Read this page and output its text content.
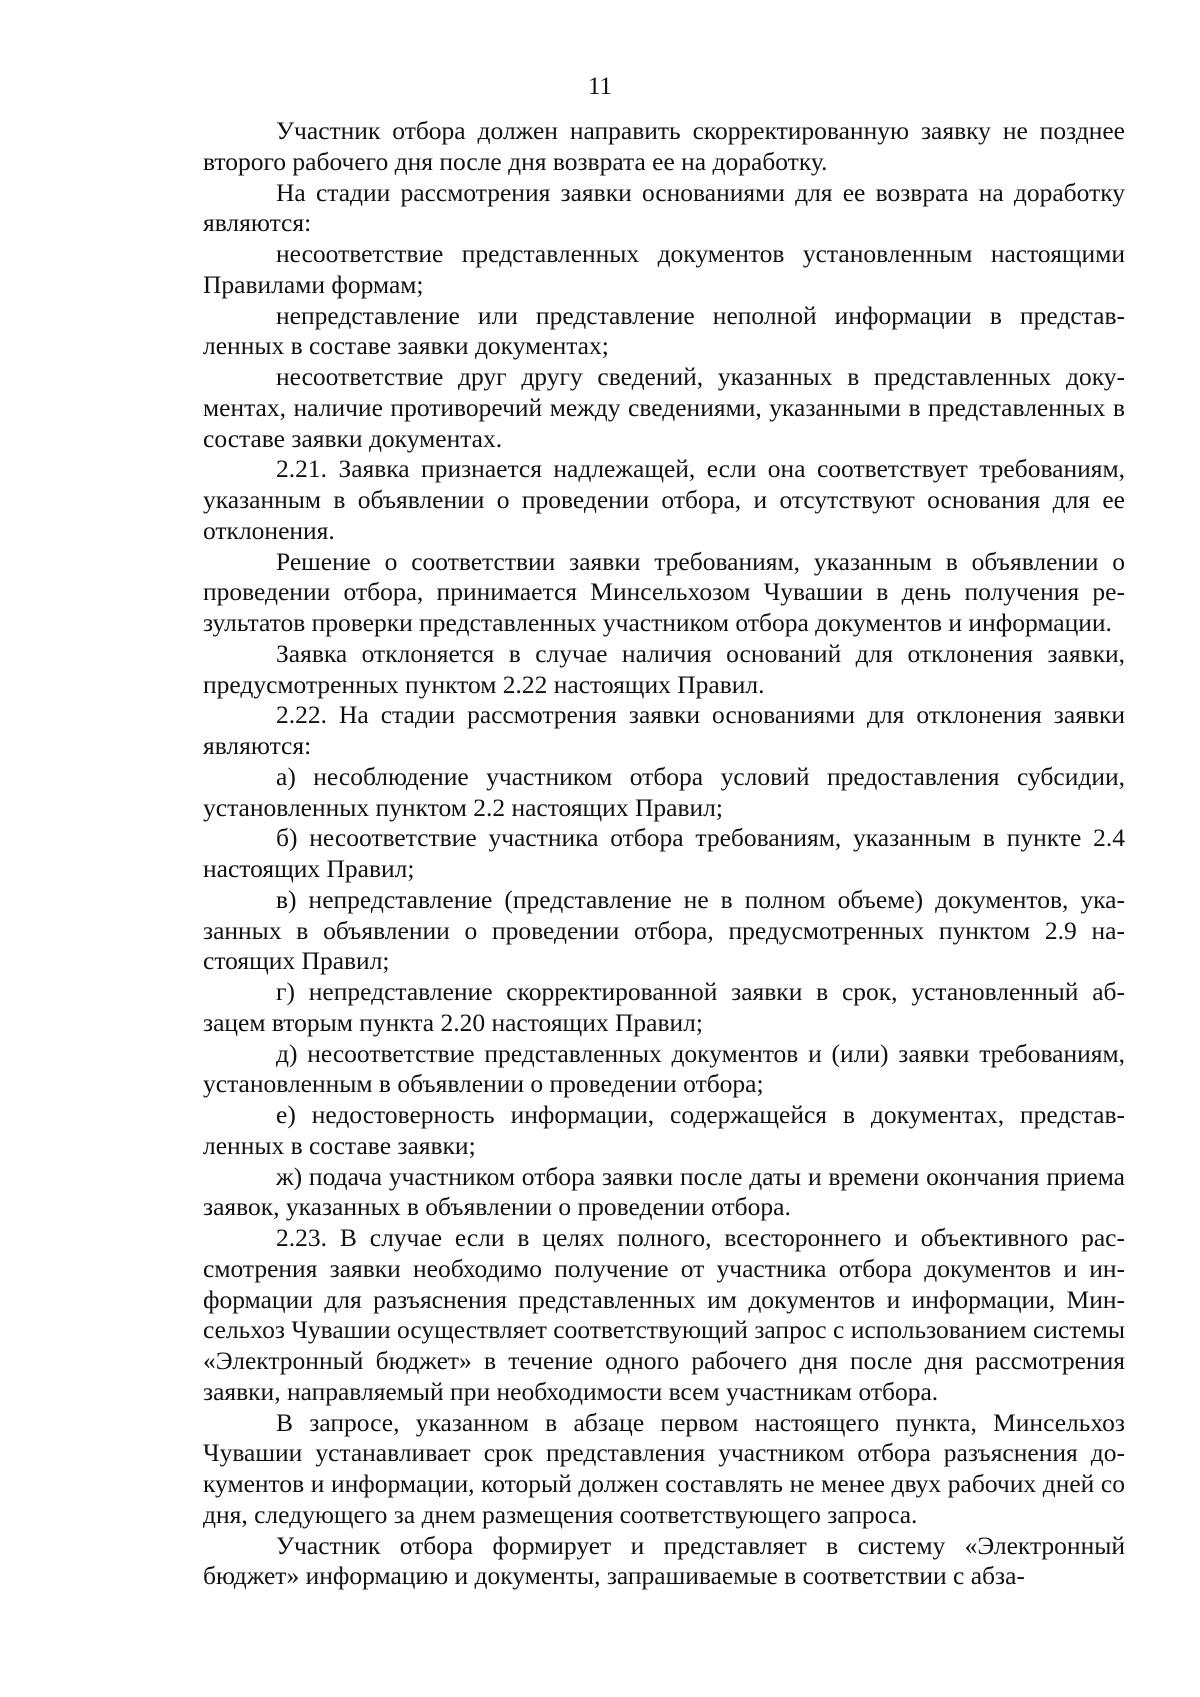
11

Участник отбора должен направить скорректированную заявку не позднее второго рабочего дня после дня возврата ее на доработку.

На стадии рассмотрения заявки основаниями для ее возврата на доработку являются:

несоответствие представленных документов установленным настоящими Правилами формам;

непредставление или представление неполной информации в представленных в составе заявки документах;

несоответствие друг другу сведений, указанных в представленных документах, наличие противоречий между сведениями, указанными в представленных в составе заявки документах.

2.21. Заявка признается надлежащей, если она соответствует требованиям, указанным в объявлении о проведении отбора, и отсутствуют основания для ее отклонения.

Решение о соответствии заявки требованиям, указанным в объявлении о проведении отбора, принимается Минсельхозом Чувашии в день получения результатов проверки представленных участником отбора документов и информации.

Заявка отклоняется в случае наличия оснований для отклонения заявки, предусмотренных пунктом 2.22 настоящих Правил.

2.22. На стадии рассмотрения заявки основаниями для отклонения заявки являются:

а) несоблюдение участником отбора условий предоставления субсидии, установленных пунктом 2.2 настоящих Правил;

б) несоответствие участника отбора требованиям, указанным в пункте 2.4 настоящих Правил;

в) непредставление (представление не в полном объеме) документов, указанных в объявлении о проведении отбора, предусмотренных пунктом 2.9 настоящих Правил;

г) непредставление скорректированной заявки в срок, установленный абзацем вторым пункта 2.20 настоящих Правил;

д) несоответствие представленных документов и (или) заявки требованиям, установленным в объявлении о проведении отбора;

е) недостоверность информации, содержащейся в документах, представленных в составе заявки;

ж) подача участником отбора заявки после даты и времени окончания приема заявок, указанных в объявлении о проведении отбора.

2.23. В случае если в целях полного, всестороннего и объективного рассмотрения заявки необходимо получение от участника отбора документов и информации для разъяснения представленных им документов и информации, Минсельхоз Чувашии осуществляет соответствующий запрос с использованием системы «Электронный бюджет» в течение одного рабочего дня после дня рассмотрения заявки, направляемый при необходимости всем участникам отбора.

В запросе, указанном в абзаце первом настоящего пункта, Минсельхоз Чувашии устанавливает срок представления участником отбора разъяснения документов и информации, который должен составлять не менее двух рабочих дней со дня, следующего за днем размещения соответствующего запроса.

Участник отбора формирует и представляет в систему «Электронный бюджет» информацию и документы, запрашиваемые в соответствии с абза-
